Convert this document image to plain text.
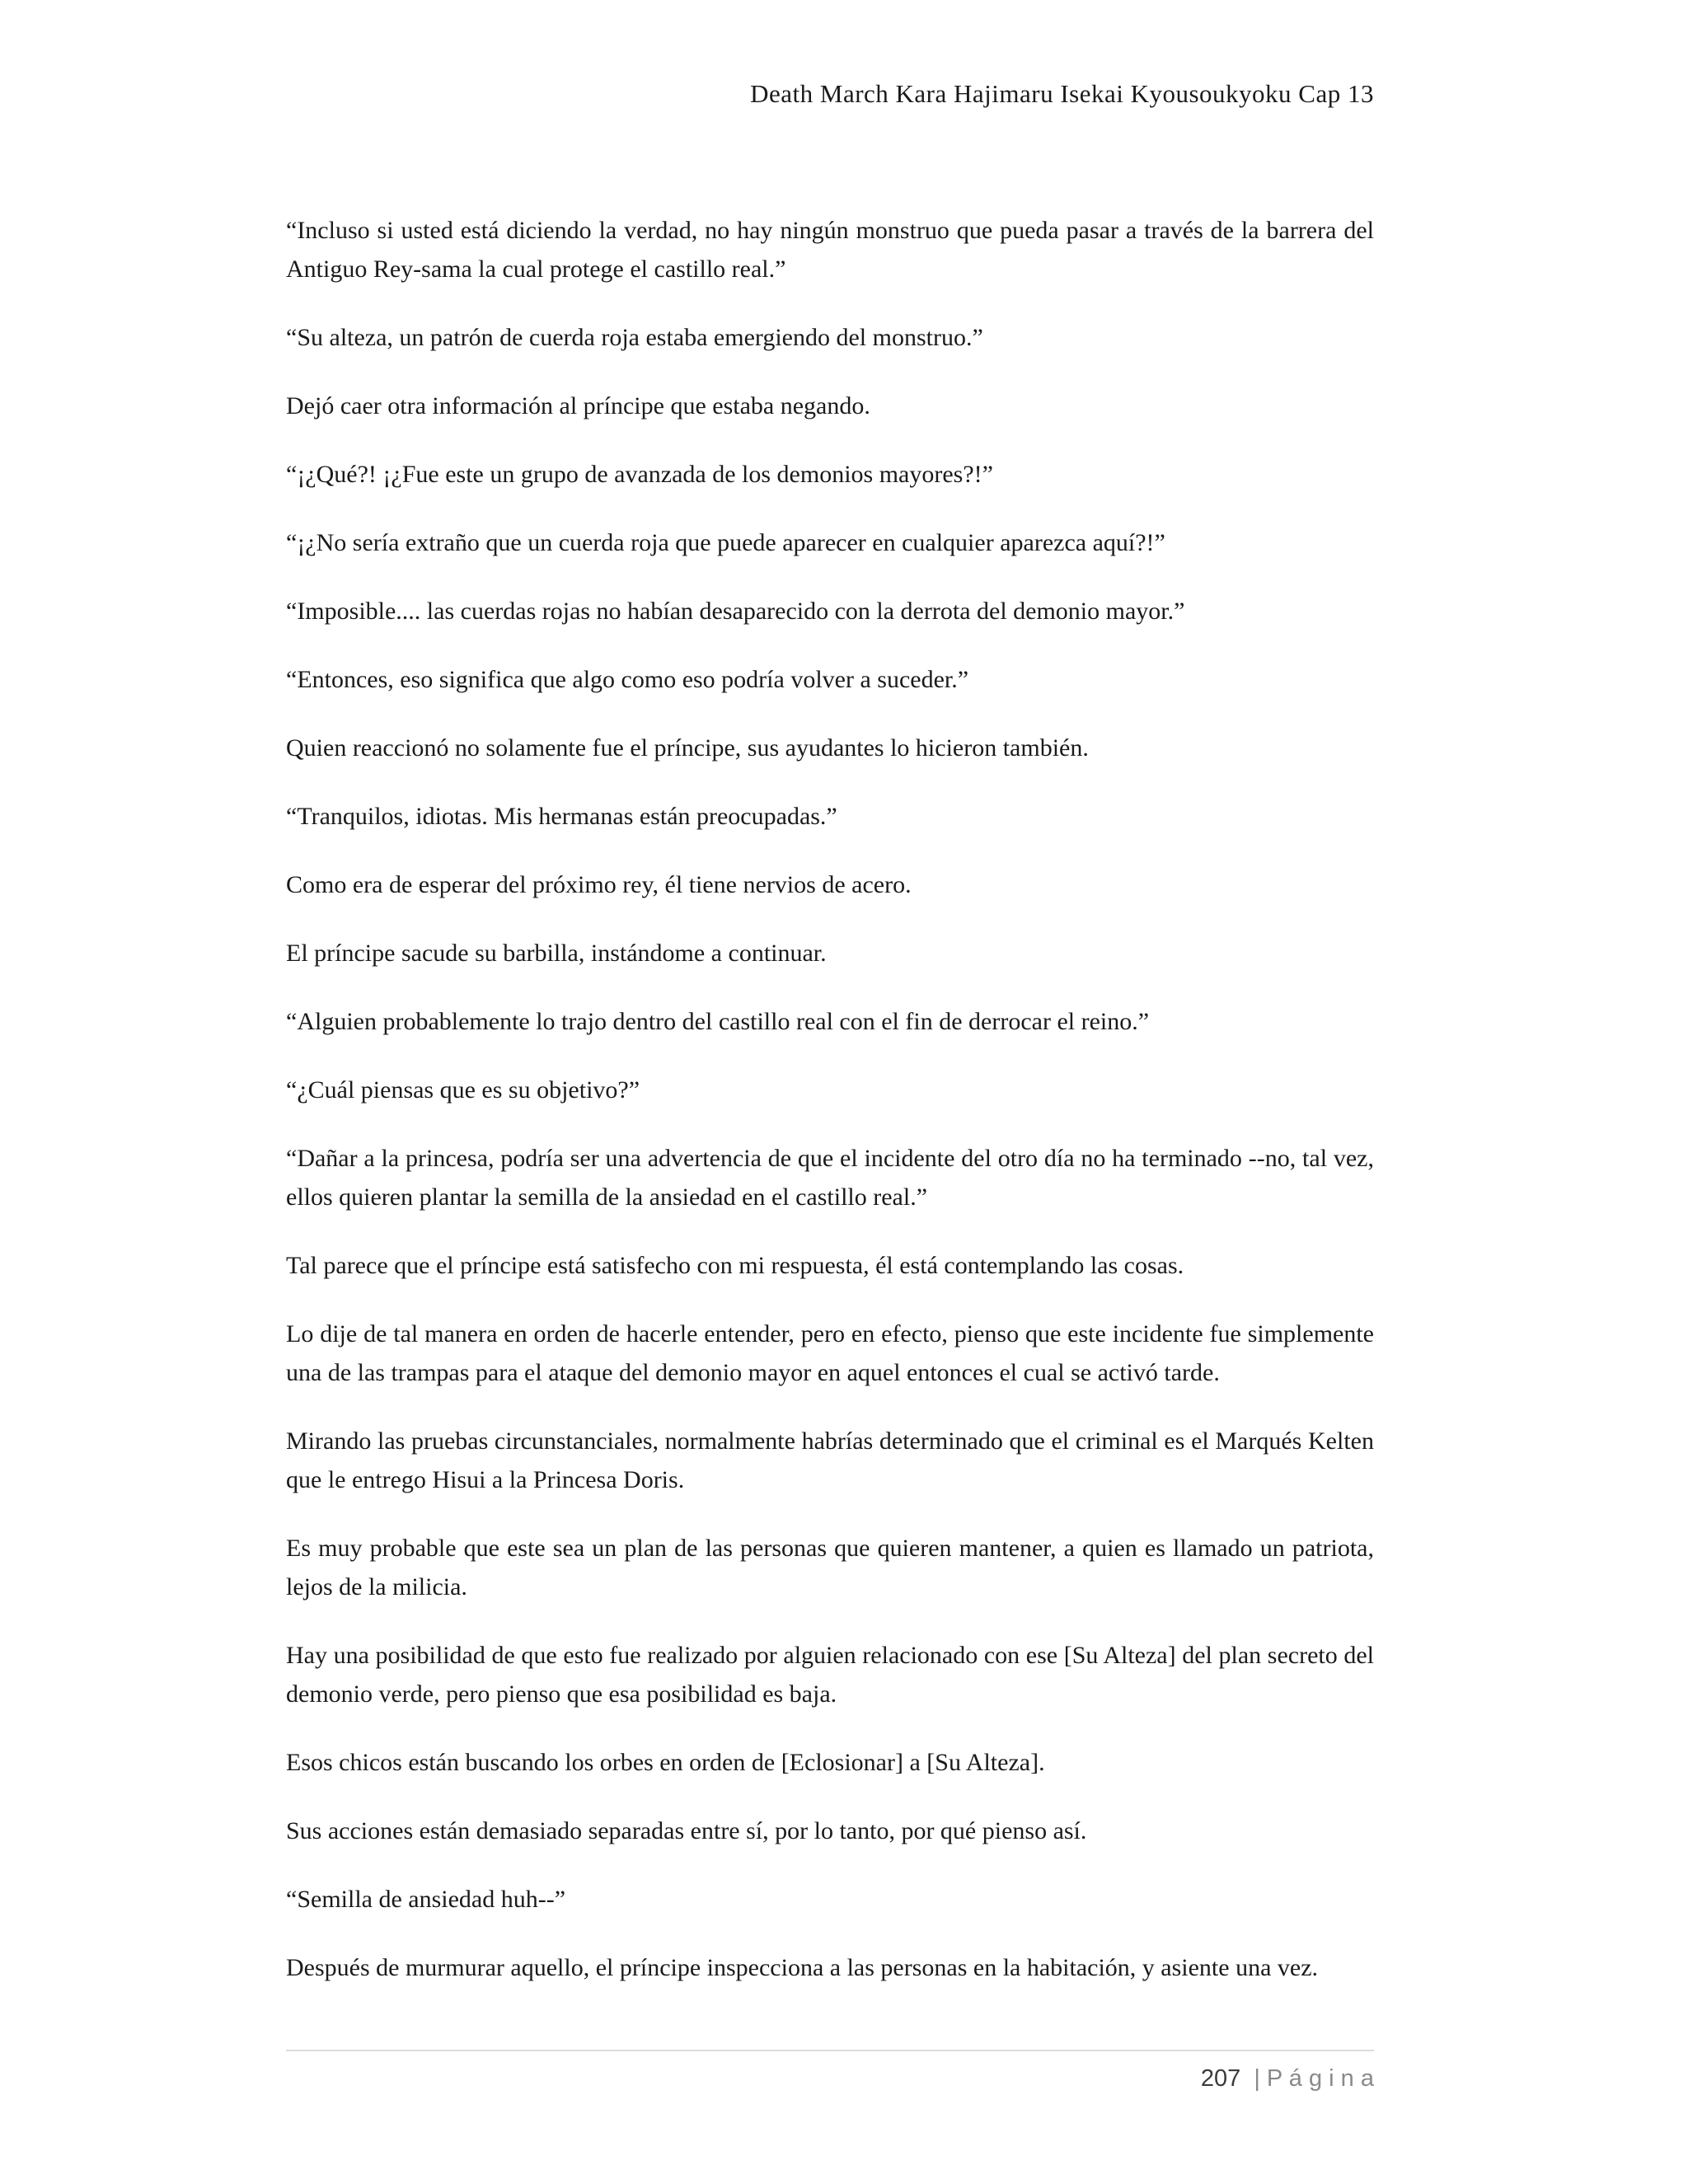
Death March Kara Hajimaru Isekai Kyousoukyoku Cap 13

“Incluso si usted está diciendo la verdad, no hay ningún monstruo que pueda pasar a través de la barrera del Antiguo Rey-sama la cual protege el castillo real.”

“Su alteza, un patrón de cuerda roja estaba emergiendo del monstruo.”

Dejó caer otra información al príncipe que estaba negando.

“¡¿Qué?! ¡¿Fue este un grupo de avanzada de los demonios mayores?!”

“¡¿No sería extraño que un cuerda roja que puede aparecer en cualquier aparezca aquí?!”

“Imposible.... las cuerdas rojas no habían desaparecido con la derrota del demonio mayor.”

“Entonces, eso significa que algo como eso podría volver a suceder.”

Quien reaccionó no solamente fue el príncipe, sus ayudantes lo hicieron también.

“Tranquilos, idiotas. Mis hermanas están preocupadas.”

Como era de esperar del próximo rey, él tiene nervios de acero.

El príncipe sacude su barbilla, instándome a continuar.

“Alguien probablemente lo trajo dentro del castillo real con el fin de derrocar el reino.”

“¿Cuál piensas que es su objetivo?”

“Dañar a la princesa, podría ser una advertencia de que el incidente del otro día no ha terminado --no, tal vez, ellos quieren plantar la semilla de la ansiedad en el castillo real.”

Tal parece que el príncipe está satisfecho con mi respuesta, él está contemplando las cosas.

Lo dije de tal manera en orden de hacerle entender, pero en efecto, pienso que este incidente fue simplemente una de las trampas para el ataque del demonio mayor en aquel entonces el cual se activó tarde.

Mirando las pruebas circunstanciales, normalmente habrías determinado que el criminal es el Marqués Kelten que le entrego Hisui a la Princesa Doris.

Es muy probable que este sea un plan de las personas que quieren mantener, a quien es llamado un patriota, lejos de la milicia.

Hay una posibilidad de que esto fue realizado por alguien relacionado con ese [Su Alteza] del plan secreto del demonio verde, pero pienso que esa posibilidad es baja.

Esos chicos están buscando los orbes en orden de [Eclosionar] a [Su Alteza].

Sus acciones están demasiado separadas entre sí, por lo tanto, por qué pienso así.

“Semilla de ansiedad huh--”

Después de murmurar aquello, el príncipe inspecciona a las personas en la habitación, y asiente una vez.

207 | P á g i n a
